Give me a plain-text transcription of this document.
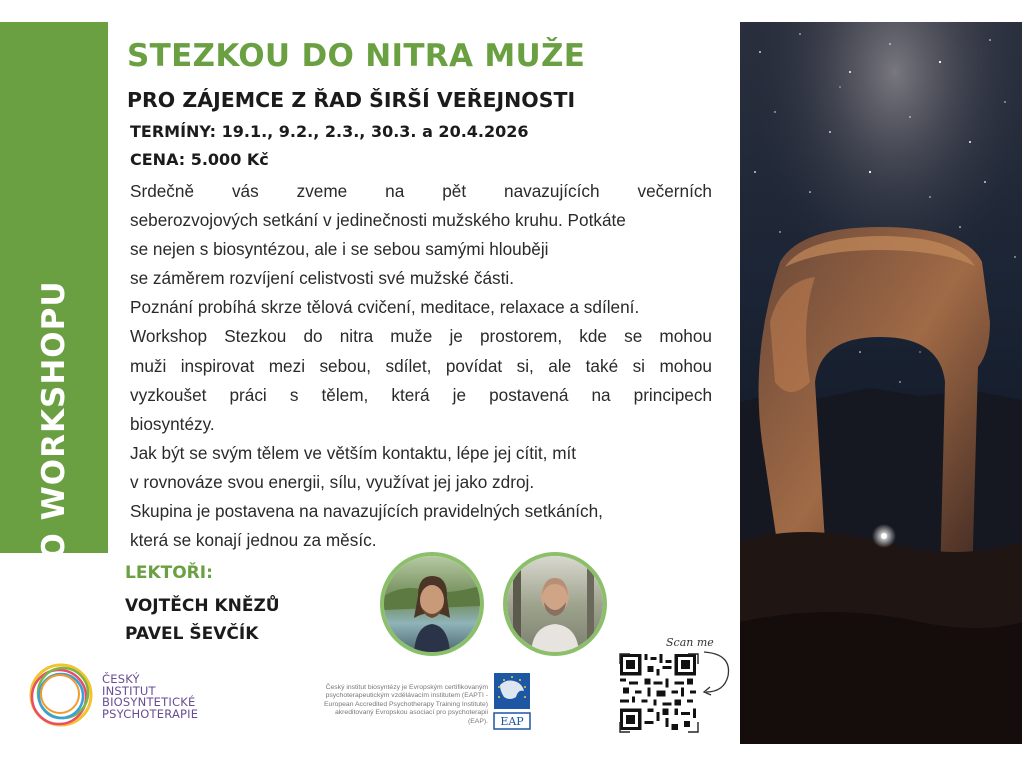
O WORKSHOPU
STEZKOU DO NITRA MUŽE
PRO ZÁJEMCE Z ŘAD ŠIRŠÍ VEŘEJNOSTI
TERMÍNY: 19.1., 9.2., 2.3., 30.3. a 20.4.2026
CENA: 5.000 Kč
Srdečně vás zveme na pět navazujících večerních
seberozvojových setkání v jedinečnosti mužského kruhu. Potkáte
se nejen s biosyntézou, ale i se sebou samými hlouběji
se záměrem rozvíjení celistvosti své mužské části.
Poznání probíhá skrze tělová cvičení, meditace, relaxace a sdílení.
Workshop Stezkou do nitra muže je prostorem, kde se mohou
muži inspirovat mezi sebou, sdílet, povídat si, ale také si mohou
vyzkoušet práci s tělem, která je postavená na principech
biosyntézy.
Jak být se svým tělem ve větším kontaktu, lépe jej cítit, mít
v rovnováze svou energii, sílu, využívat jej jako zdroj.
Skupina je postavena na navazujících pravidelných setkáních,
která se konají jednou za měsíc.
LEKTOŘI:
VOJTĚCH KNĚZŮ
PAVEL ŠEVČÍK
ČESKÝ
INSTITUT
BIOSYNTETICKÉ
PSYCHOTERAPIE
Český institut biosyntézy je Evropským certifikovaným psychoterapeutickým vzdělávacím institutem (EAPTI - European Accredited Psychotherapy Training Institute) akreditovaný Evropskou asociací pro psychoterapii (EAP). EAP
Scan me
